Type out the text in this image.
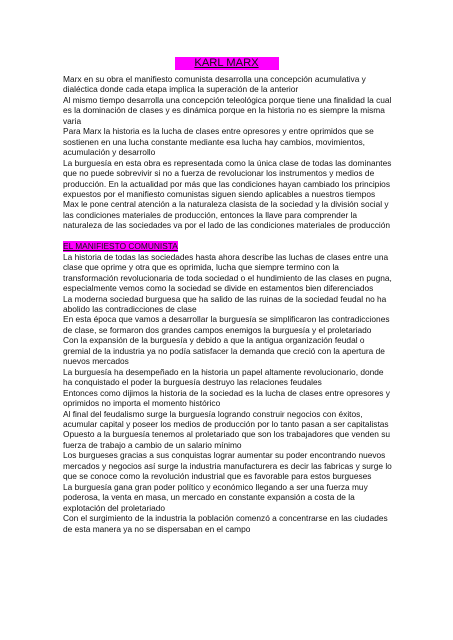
KARL MARX

Marx en su obra el manifiesto comunista desarrolla una concepción acumulativa y dialéctica donde cada etapa implica la superación de la anterior

Al mismo tiempo desarrolla una concepción teleológica porque tiene una finalidad la cual es la dominación de clases y es dinámica porque en la historia no es siempre la misma varia

Para Marx la historia es la lucha de clases entre opresores y entre oprimidos que se sostienen en una lucha constante mediante esa lucha hay cambios, movimientos, acumulación y desarrollo

La burguesía en esta obra es representada como la única clase de todas las dominantes que no puede sobrevivir si no a fuerza de revolucionar los instrumentos y medios de producción. En la actualidad por más que las condiciones hayan cambiado los principios expuestos por el manifiesto comunistas siguen siendo aplicables a nuestros tiempos

Max le pone central atención a la naturaleza clasista de la sociedad y la división social y las condiciones materiales de producción, entonces la llave para comprender la naturaleza de las sociedades va por el lado de las condiciones materiales de producción

EL MANIFIESTO COMUNISTA

La historia de todas las sociedades hasta ahora describe las luchas de clases entre una clase que oprime y otra que es oprimida, lucha que siempre termino con la transformación revolucionaria de toda sociedad o el hundimiento de las clases en pugna, especialmente vemos como la sociedad se divide en estamentos bien diferenciados

La moderna sociedad burguesa que ha salido de las ruinas de la sociedad feudal no ha abolido las contradicciones de clase

En esta época que vamos a desarrollar la burguesía se simplificaron las contradicciones de clase, se formaron dos grandes campos enemigos la burguesía y el proletariado

Con la expansión de la burguesía y debido a que la antigua organización feudal o gremial de la industria ya no podía satisfacer la demanda que creció con la apertura de nuevos mercados

La burguesía ha desempeñado en la historia un papel altamente revolucionario, donde ha conquistado el poder la burguesía destruyo las relaciones feudales

Entonces como dijimos la historia de la sociedad es la lucha de clases entre opresores y oprimidos no importa el momento histórico

Al final del feudalismo surge la burguesía logrando construir negocios con éxitos, acumular capital y poseer los medios de producción por lo tanto pasan a ser capitalistas

Opuesto a la burguesía tenemos al proletariado que son los trabajadores que venden su fuerza de trabajo a cambio de un salario mínimo

Los burgueses gracias a sus conquistas lograr aumentar su poder encontrando nuevos mercados y negocios así surge la industria manufacturera es decir las fabricas y surge lo que se conoce como la revolución industrial que es favorable para estos burgueses

La burguesía gana gran poder político y económico llegando a ser una fuerza muy poderosa, la venta en masa, un mercado en constante expansión a costa de la explotación del proletariado

Con el surgimiento de la industria la población comenzó a concentrarse en las ciudades de esta manera ya no se dispersaban en el campo
